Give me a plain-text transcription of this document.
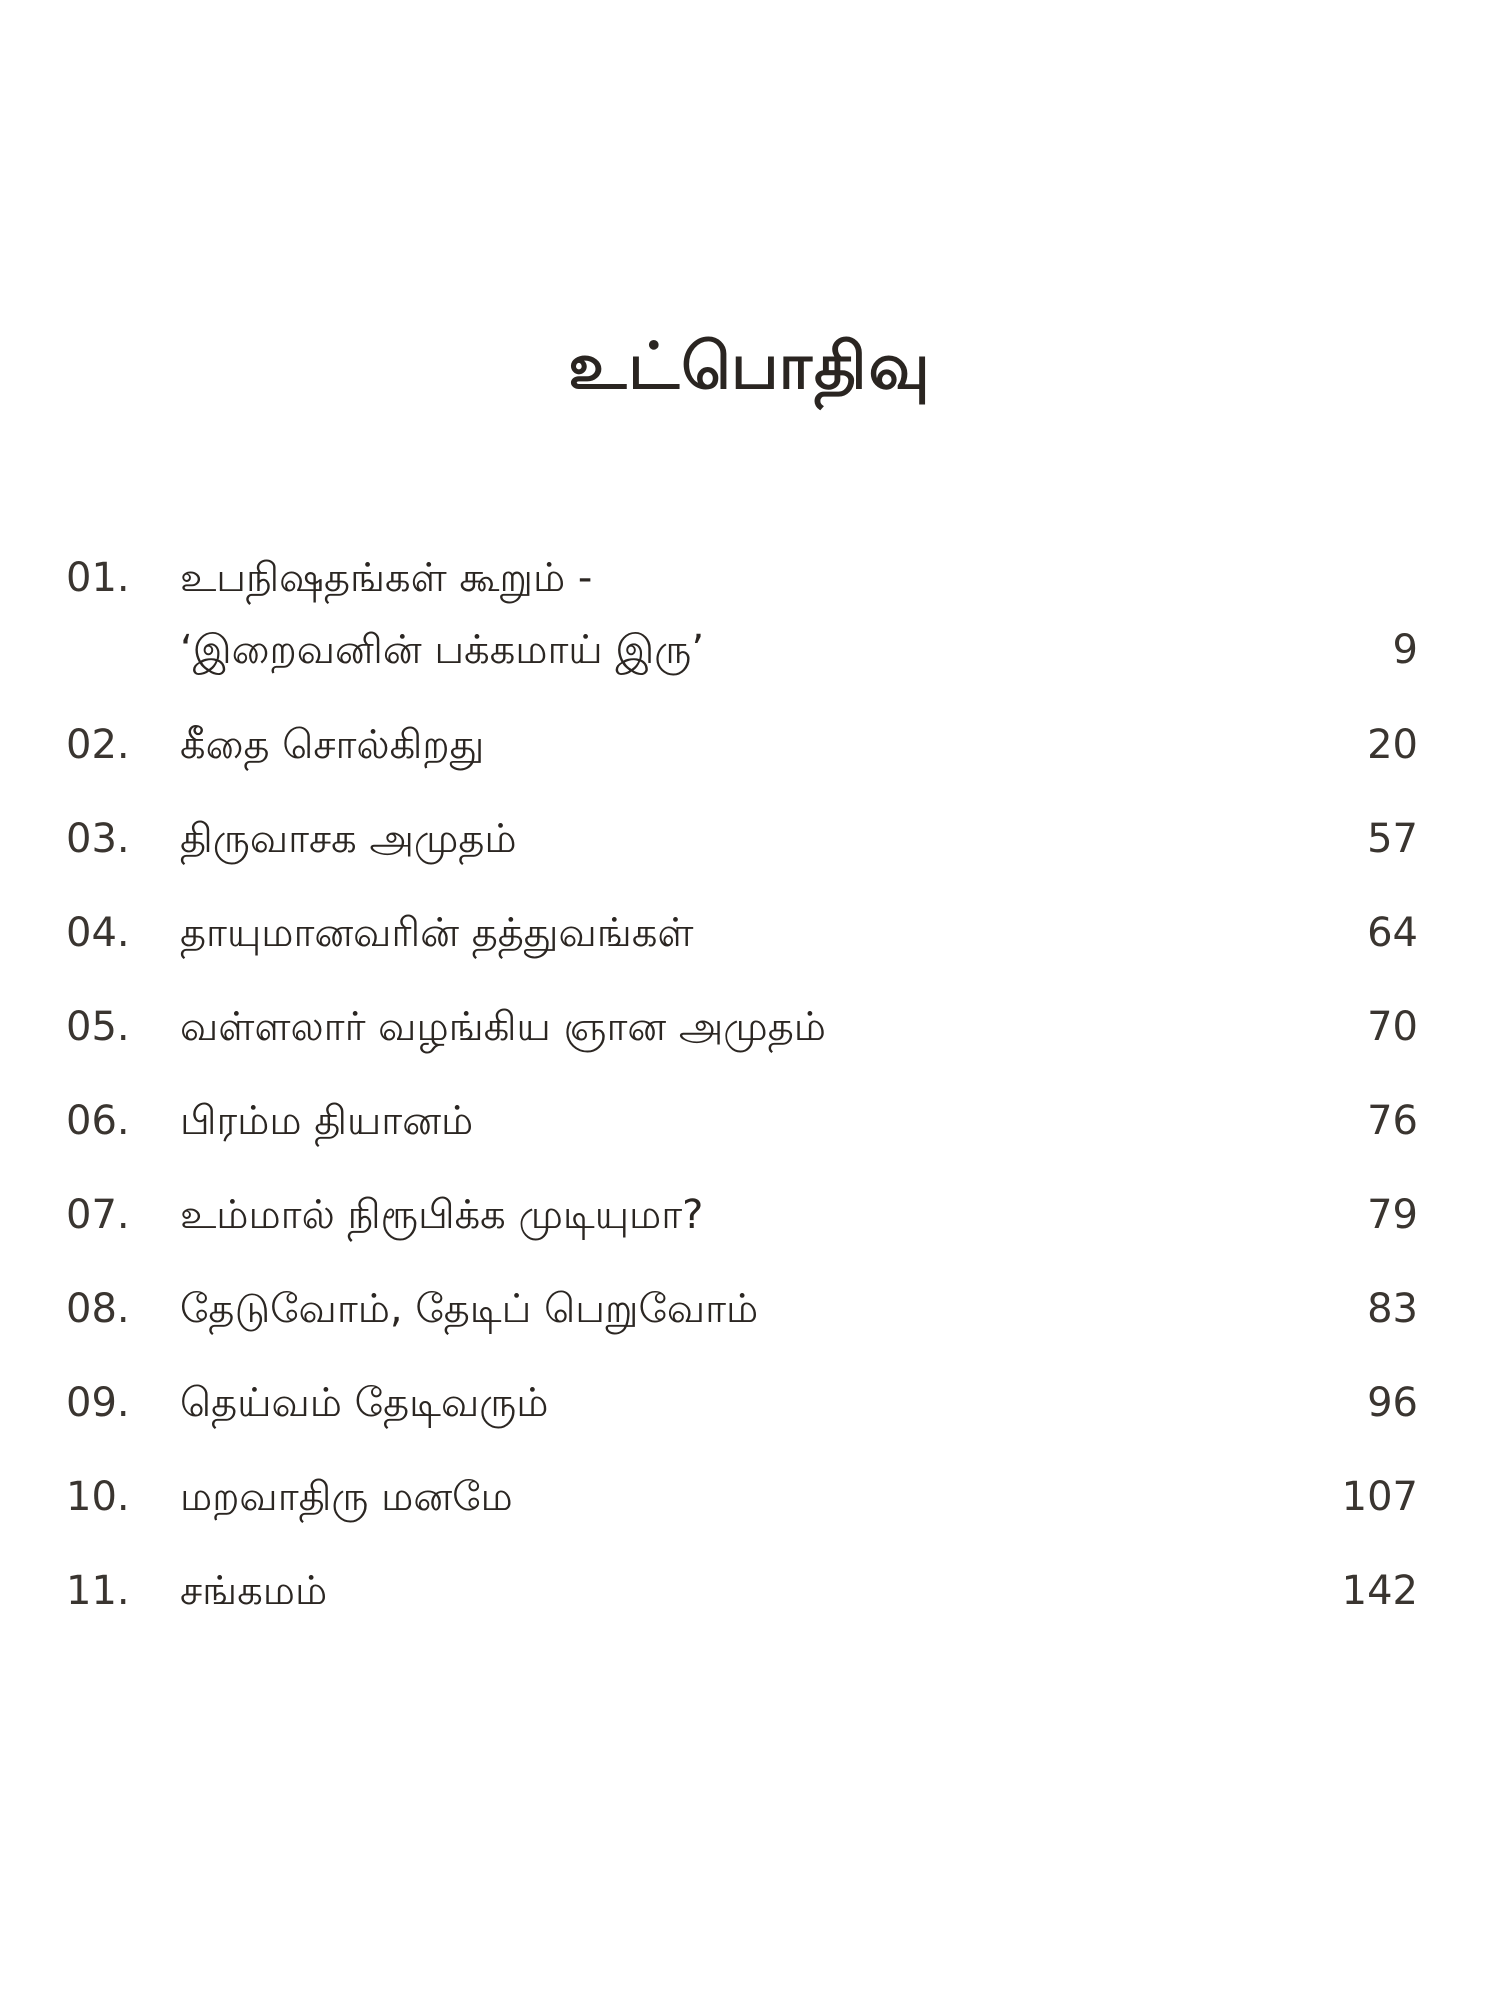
உட்பொதிவு
01. உபநிஷதங்கள் கூறும் -
‘இறைவனின் பக்கமாய் இரு’	9
02. கீதை சொல்கிறது	20
03. திருவாசக அமுதம்	57
04. தாயுமானவரின் தத்துவங்கள்	64
05. வள்ளலார் வழங்கிய ஞான அமுதம்	70
06. பிரம்ம தியானம்	76
07. உம்மால் நிரூபிக்க முடியுமா?	79
08. தேடுவோம், தேடிப் பெறுவோம்	83
09. தெய்வம் தேடிவரும்	96
10. மறவாதிரு மனமே	107
11. சங்கமம்	142
